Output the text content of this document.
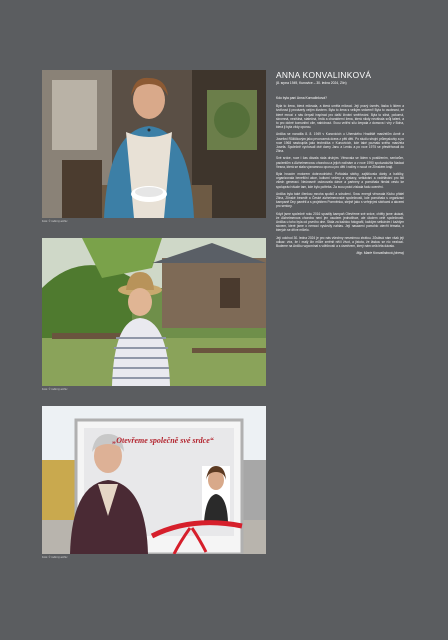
Foto: © rodinný archiv
Foto: © rodinný archiv
„Otevřeme společně své srdce“
Foto: © rodinný archiv
ANNA KONVALINKOVÁ
(8. srpna 1949, Kunovice – 30. ledna 2024, Zlín)
Kdo byla paní Anna Konvalinková?

Byla to žena, která milovala, a která uměla milovat. Její pravý úsměv, láska k lidem a tvořivost ji provázely celým životem. Byla to žena s velkým srdcem!! Byla to osobnost, ze které mnozí z nás čerpali inspiraci pro další životní směřování. Byla to silná, pokorná, skromná, nezištná, statečná, hrdá a charakterní žena, která nikdy neváhala svůj talent, a to pro dobré komunitní cíle, nabídnout. Svou vnitřní sílu čerpala z domova i víry v Boha, která ji byla vždy oporou.

Anička se narodila 8. 8. 1949 v Kunovicích u Uherského Hradiště manželům Anně a Josefovi Růžičkovým jako prvorozená dcera z pěti dětí. Po studiu strojní průmyslovky a po roce 1968 nastoupila jako technička v Kunovicích, kde také poznala svého manžela Josefa. Společně vychovali dvě dcery Janu a Lenku a po roce 1975 se přestěhovali do Zlína.

Své srdce, ruce i čas dávala ráda druhým. Věnovala se lidem s postižením, seniorům, pacientům s Alzheimerovou chorobou a jejich rodinám a v roce 1990 spoluzaložila Nadaci Vesna, která se stala významnou oporou pro děti i rodiny v nouzi ve Zlínském kraji.

Byla hnacím motorem dobrovolnictví. Pořádala sbírky, zajišťovala dárky a balíčky, organizovala benefiční akce, kulturní večery a výstavy, setkávání a vzdělávání pro lidi všech generací. Neúnavně oslovovala dárce a partnery a pomáhala hledat cestu ke spolupráci všude tam, kde bylo potřeba. Za svou práci získala řadu ocenění.

Anička byla také členkou mnoha spolků a sdružení. Svou energii věnovala Klubu přátel Zlína, Zlínské besedě a České alzheimerovské společnosti, kde pomáhala s organizací kampaně Dny paměti a s projektem Pomněnka, stejně jako s veřejnými sbírkami a akcemi pro seniory.

Když jsme společně roku 2016 spustily kampaň Otevřeme své srdce, chtěly jsme ukázat, že Alzheimerova choroba není jen osudem jednotlivce, ale úkolem celé společnosti. Anička u toho byla od prvního dne. Stála za každou fotografií, každým setkáním i každým slovem, které jsme o nemoci vyslovily nahlas. Její nasazení pomohlo otevřít témata, o kterých se dříve mlčelo.

Její odchod 30. ledna 2024 je pro nás všechny nesmírnou ztrátou. Zůstává nám však její odkaz: víra, že i malý čin může změnit něčí život, a jistota, že láskou se nic nezkazí. Budeme na Aničku vzpomínat s vděčností a s úsměvem, který nám celá léta dávala.

Mgr. Marie Konvalinková (dcera)
